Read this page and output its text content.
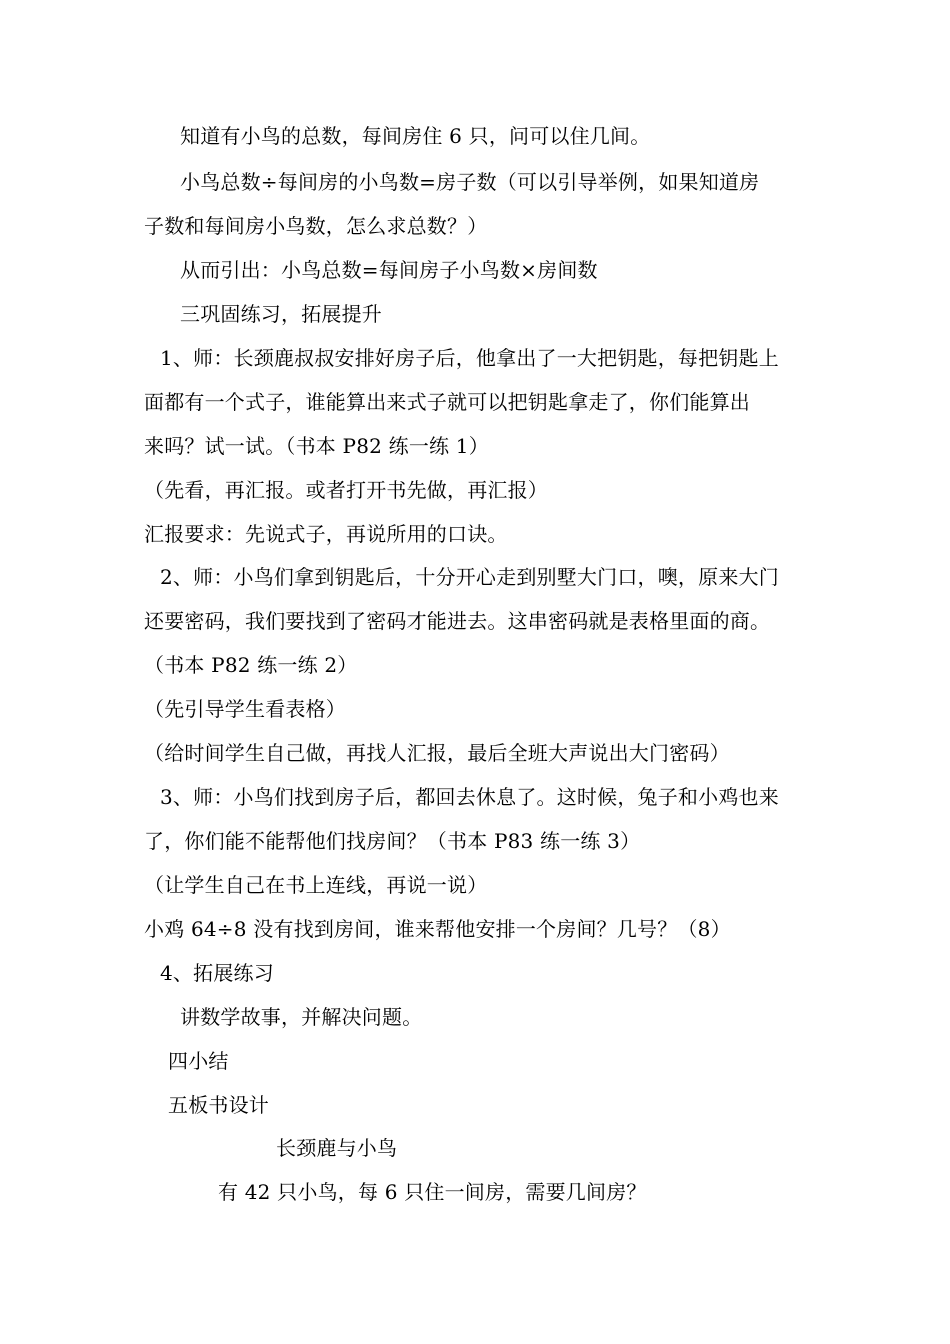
知道有小鸟的总数，每间房住 6 只，问可以住几间。
小鸟总数÷每间房的小鸟数=房子数（可以引导举例，如果知道房
子数和每间房小鸟数，怎么求总数？）
从而引出：小鸟总数=每间房子小鸟数×房间数
三巩固练习，拓展提升
1、师：长颈鹿叔叔安排好房子后，他拿出了一大把钥匙，每把钥匙上
面都有一个式子，谁能算出来式子就可以把钥匙拿走了，你们能算出
来吗？试一试。（书本 P82 练一练 1）
（先看，再汇报。或者打开书先做，再汇报）
汇报要求：先说式子，再说所用的口诀。
2、师：小鸟们拿到钥匙后，十分开心走到别墅大门口，噢，原来大门
还要密码，我们要找到了密码才能进去。这串密码就是表格里面的商。
（书本 P82 练一练 2）
（先引导学生看表格）
（给时间学生自己做，再找人汇报，最后全班大声说出大门密码）
3、师：小鸟们找到房子后，都回去休息了。这时候，兔子和小鸡也来
了，你们能不能帮他们找房间？（书本 P83 练一练 3）
（让学生自己在书上连线，再说一说）
小鸡 64÷8 没有找到房间，谁来帮他安排一个房间？几号？（8）
4、拓展练习
讲数学故事，并解决问题。
四小结
五板书设计
长颈鹿与小鸟
有 42 只小鸟，每 6 只住一间房，需要几间房？
